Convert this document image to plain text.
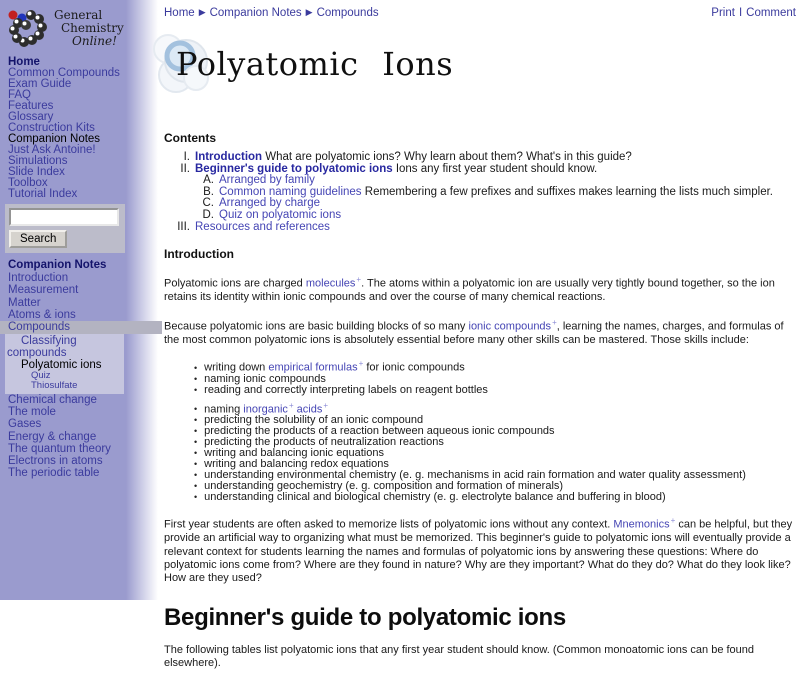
General
Chemistry
Online!
Home
Common Compounds
Exam Guide
FAQ
Features
Glossary
Construction Kits
Companion Notes
Just Ask Antoine!
Simulations
Slide Index
Toolbox
Tutorial Index
Search
Companion Notes
Introduction
Measurement
Matter
Atoms & ions
Compounds
Classifying compounds
Polyatomic ions
Quiz
Thiosulfate
Chemical change
The mole
Gases
Energy & change
The quantum theory
Electrons in atoms
The periodic table
Home ▶ Companion Notes ▶ Compounds	Print I Comment
Polyatomic Ions
Contents
I. Introduction What are polyatomic ions? Why learn about them? What's in this guide?
II. Beginner's guide to polyatomic ions Ions any first year student should know.
A. Arranged by family
B. Common naming guidelines Remembering a few prefixes and suffixes makes learning the lists much simpler.
C. Arranged by charge
D. Quiz on polyatomic ions
III. Resources and references
Introduction

Polyatomic ions are charged molecules+. The atoms within a polyatomic ion are usually very tightly bound together, so the ion retains its identity within ionic compounds and over the course of many chemical reactions.

Because polyatomic ions are basic building blocks of so many ionic compounds+, learning the names, charges, and formulas of the most common polyatomic ions is absolutely essential before many other skills can be mastered. Those skills include:

• writing down empirical formulas+ for ionic compounds
• naming ionic compounds
• reading and correctly interpreting labels on reagent bottles
• naming inorganic+ acids+
• predicting the solubility of an ionic compound
• predicting the products of a reaction between aqueous ionic compounds
• predicting the products of neutralization reactions
• writing and balancing ionic equations
• writing and balancing redox equations
• understanding environmental chemistry (e. g. mechanisms in acid rain formation and water quality assessment)
• understanding geochemistry (e. g. composition and formation of minerals)
• understanding clinical and biological chemistry (e. g. electrolyte balance and buffering in blood)

First year students are often asked to memorize lists of polyatomic ions without any context. Mnemonics+ can be helpful, but they provide an artificial way to organizing what must be memorized. This beginner's guide to polyatomic ions will eventually provide a relevant context for students learning the names and formulas of polyatomic ions by answering these questions: Where do polyatomic ions come from? Where are they found in nature? Why are they important? What do they do? What do they look like? How are they used?

Beginner's guide to polyatomic ions

The following tables list polyatomic ions that any first year student should know. (Common monoatomic ions can be found elsewhere).
